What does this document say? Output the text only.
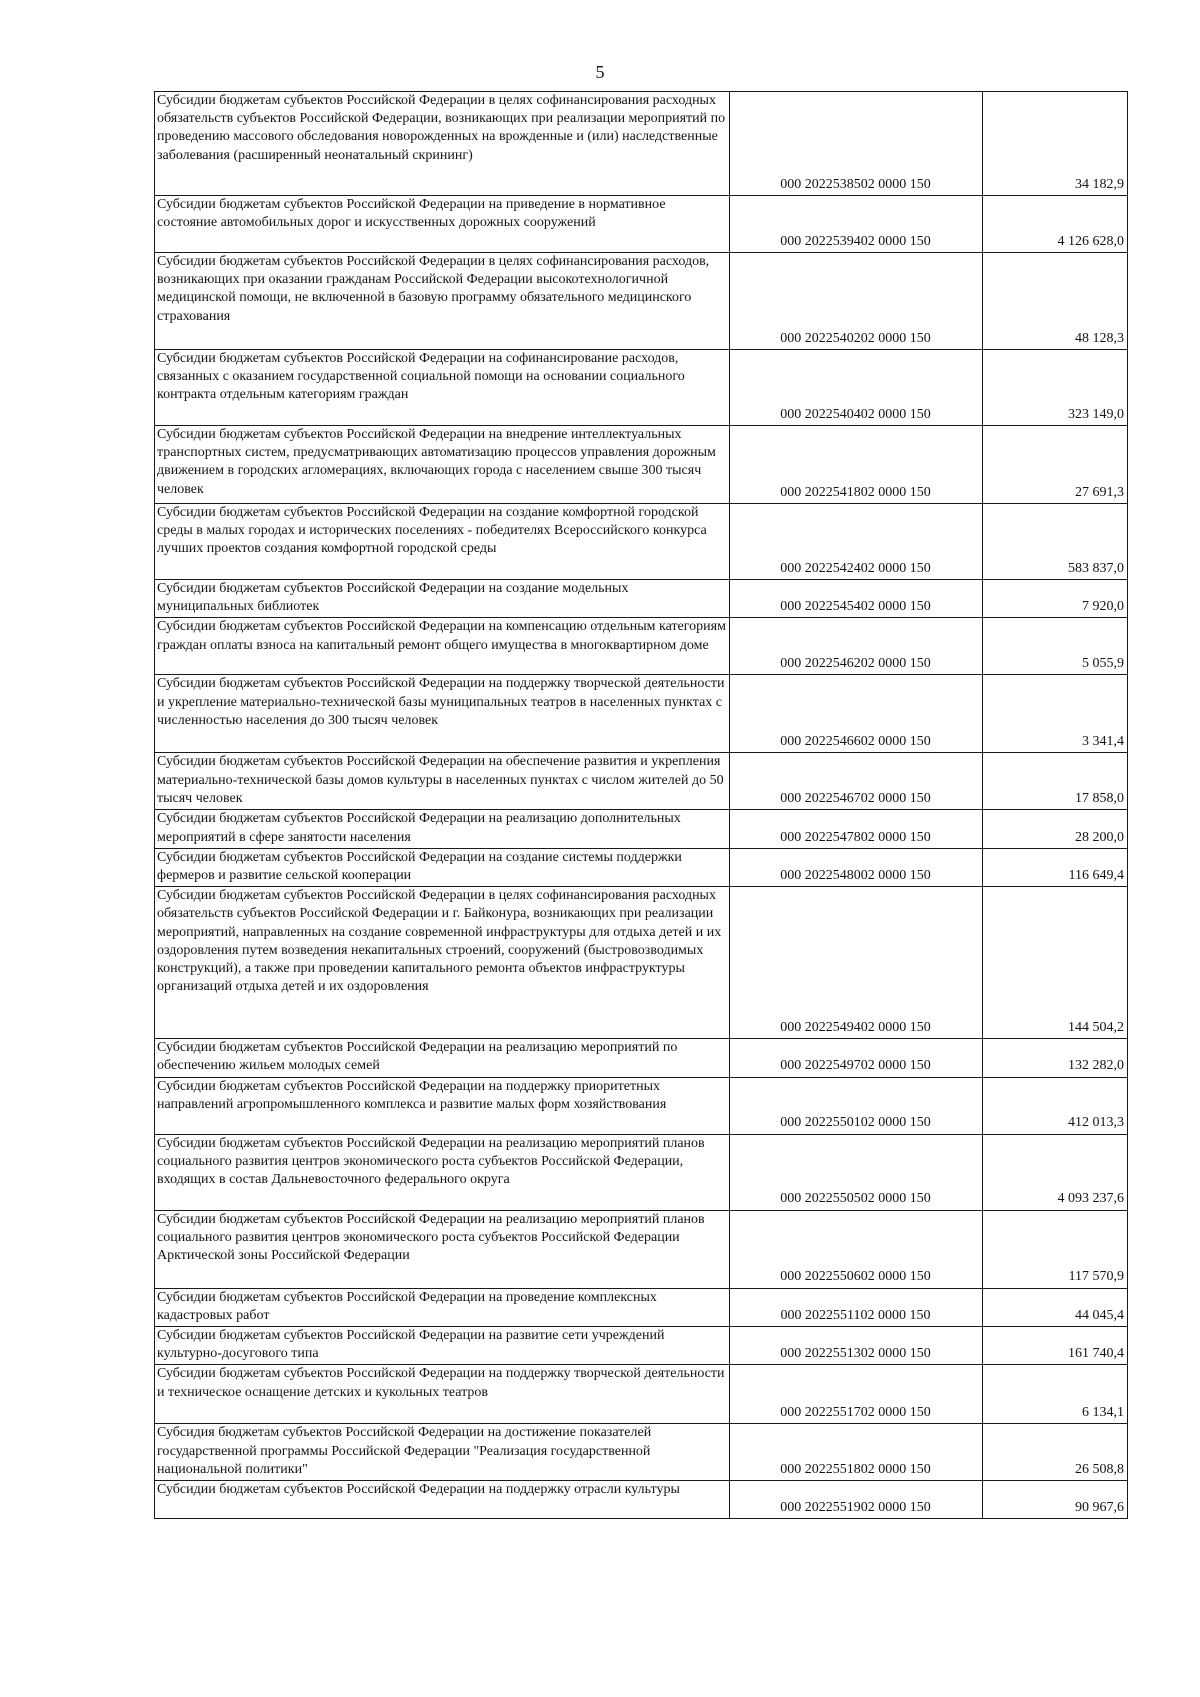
5
Субсидии бюджетам субъектов Российской Федерации в целях софинансирования расходных обязательств субъектов Российской Федерации, возникающих при реализации мероприятий по проведению массового обследования новорожденных на врожденные и (или) наследственные заболевания (расширенный неонатальный скрининг)	000 2022538502 0000 150	34 182,9
Субсидии бюджетам субъектов Российской Федерации на приведение в нормативное состояние автомобильных дорог и искусственных дорожных сооружений	000 2022539402 0000 150	4 126 628,0
Субсидии бюджетам субъектов Российской Федерации в целях софинансирования расходов, возникающих при оказании гражданам Российской Федерации высокотехнологичной медицинской помощи, не включенной в базовую программу обязательного медицинского страхования	000 2022540202 0000 150	48 128,3
Субсидии бюджетам субъектов Российской Федерации на софинансирование расходов, связанных с оказанием государственной социальной помощи на основании социального контракта отдельным категориям граждан	000 2022540402 0000 150	323 149,0
Субсидии бюджетам субъектов Российской Федерации на внедрение интеллектуальных транспортных систем, предусматривающих автоматизацию процессов управления дорожным движением в городских агломерациях, включающих города с населением свыше 300 тысяч человек	000 2022541802 0000 150	27 691,3
Субсидии бюджетам субъектов Российской Федерации на создание комфортной городской среды в малых городах и исторических поселениях - победителях Всероссийского конкурса лучших проектов создания комфортной городской среды	000 2022542402 0000 150	583 837,0
Субсидии бюджетам субъектов Российской Федерации на создание модельных муниципальных библиотек	000 2022545402 0000 150	7 920,0
Субсидии бюджетам субъектов Российской Федерации на компенсацию отдельным категориям граждан оплаты взноса на капитальный ремонт общего имущества в многоквартирном доме	000 2022546202 0000 150	5 055,9
Субсидии бюджетам субъектов Российской Федерации на поддержку творческой деятельности и укрепление материально-технической базы муниципальных театров в населенных пунктах с численностью населения до 300 тысяч человек	000 2022546602 0000 150	3 341,4
Субсидии бюджетам субъектов Российской Федерации на обеспечение развития и укрепления материально-технической базы домов культуры в населенных пунктах с числом жителей до 50 тысяч человек	000 2022546702 0000 150	17 858,0
Субсидии бюджетам субъектов Российской Федерации на реализацию дополнительных мероприятий в сфере занятости населения	000 2022547802 0000 150	28 200,0
Субсидии бюджетам субъектов Российской Федерации на создание системы поддержки фермеров и развитие сельской кооперации	000 2022548002 0000 150	116 649,4
Субсидии бюджетам субъектов Российской Федерации в целях софинансирования расходных обязательств субъектов Российской Федерации и г. Байконура, возникающих при реализации мероприятий, направленных на создание современной инфраструктуры для отдыха детей и их оздоровления путем возведения некапитальных строений, сооружений (быстровозводимых конструкций), а также при проведении капитального ремонта объектов инфраструктуры организаций отдыха детей и их оздоровления	000 2022549402 0000 150	144 504,2
Субсидии бюджетам субъектов Российской Федерации на реализацию мероприятий по обеспечению жильем молодых семей	000 2022549702 0000 150	132 282,0
Субсидии бюджетам субъектов Российской Федерации на поддержку приоритетных направлений агропромышленного комплекса и развитие малых форм хозяйствования	000 2022550102 0000 150	412 013,3
Субсидии бюджетам субъектов Российской Федерации на реализацию мероприятий планов социального развития центров экономического роста субъектов Российской Федерации, входящих в состав Дальневосточного федерального округа	000 2022550502 0000 150	4 093 237,6
Субсидии бюджетам субъектов Российской Федерации на реализацию мероприятий планов социального развития центров экономического роста субъектов Российской Федерации Арктической зоны Российской Федерации	000 2022550602 0000 150	117 570,9
Субсидии бюджетам субъектов Российской Федерации на проведение комплексных кадастровых работ	000 2022551102 0000 150	44 045,4
Субсидии бюджетам субъектов Российской Федерации на развитие сети учреждений культурно-досугового типа	000 2022551302 0000 150	161 740,4
Субсидии бюджетам субъектов Российской Федерации на поддержку творческой деятельности и техническое оснащение детских и кукольных театров	000 2022551702 0000 150	6 134,1
Субсидия бюджетам субъектов Российской Федерации на достижение показателей государственной программы Российской Федерации "Реализация государственной национальной политики"	000 2022551802 0000 150	26 508,8
Субсидии бюджетам субъектов Российской Федерации на поддержку отрасли культуры	000 2022551902 0000 150	90 967,6
